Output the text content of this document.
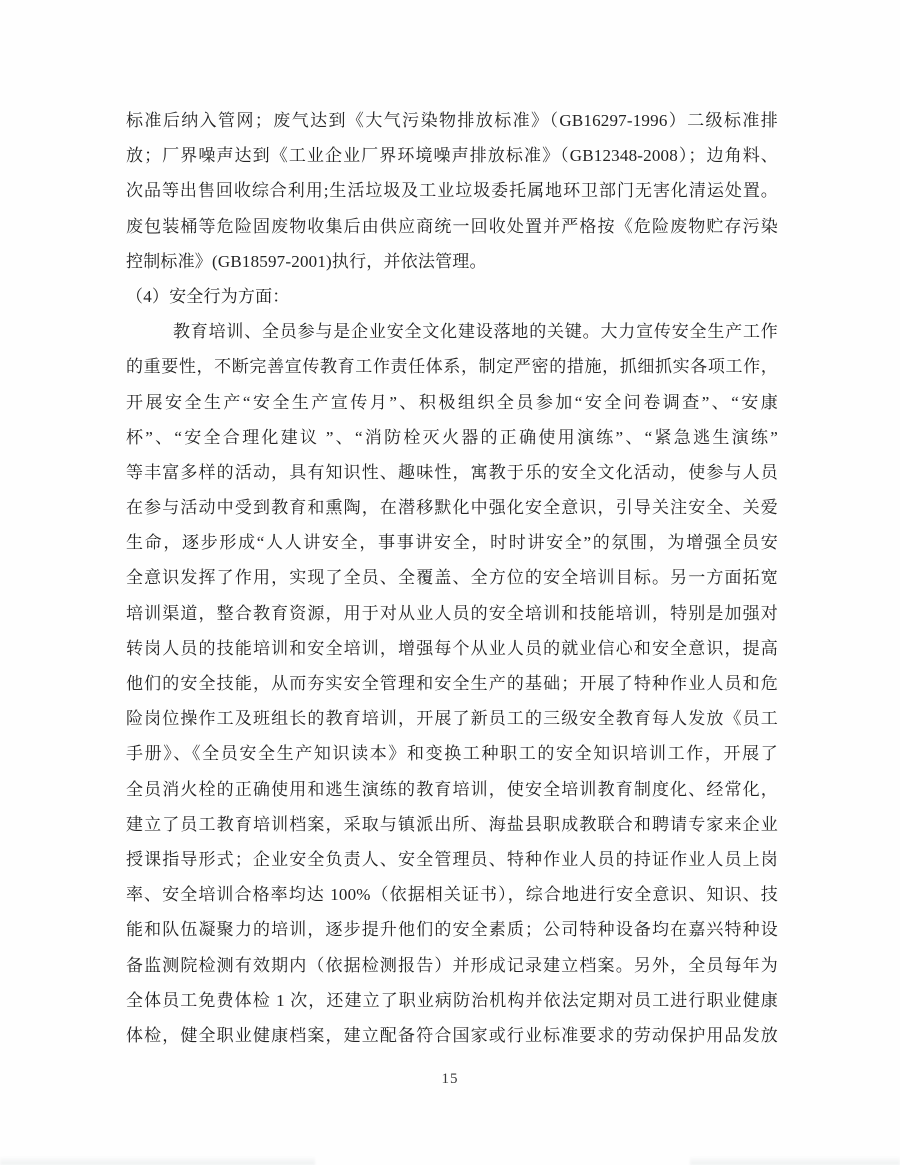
标准后纳入管网；废气达到《大气污染物排放标准》（GB16297-1996）二级标准排
放；厂界噪声达到《工业企业厂界环境噪声排放标准》（GB12348-2008）；边角料、
次品等出售回收综合利用;生活垃圾及工业垃圾委托属地环卫部门无害化清运处置。
废包装桶等危险固废物收集后由供应商统一回收处置并严格按《危险废物贮存污染
控制标准》(GB18597-2001)执行，并依法管理。
（4）安全行为方面：
教育培训、全员参与是企业安全文化建设落地的关键。大力宣传安全生产工作
的重要性，不断完善宣传教育工作责任体系，制定严密的措施，抓细抓实各项工作，
开展安全生产“安全生产宣传月”、积极组织全员参加“安全问卷调查”、“安康
杯”、“安全合理化建议 ”、“消防栓灭火器的正确使用演练”、“紧急逃生演练”
等丰富多样的活动，具有知识性、趣味性，寓教于乐的安全文化活动，使参与人员
在参与活动中受到教育和熏陶，在潜移默化中强化安全意识，引导关注安全、关爱
生命，逐步形成“人人讲安全，事事讲安全，时时讲安全”的氛围，为增强全员安
全意识发挥了作用，实现了全员、全覆盖、全方位的安全培训目标。另一方面拓宽
培训渠道，整合教育资源，用于对从业人员的安全培训和技能培训，特别是加强对
转岗人员的技能培训和安全培训，增强每个从业人员的就业信心和安全意识，提高
他们的安全技能，从而夯实安全管理和安全生产的基础；开展了特种作业人员和危
险岗位操作工及班组长的教育培训，开展了新员工的三级安全教育每人发放《员工
手册》、《全员安全生产知识读本》和变换工种职工的安全知识培训工作，开展了
全员消火栓的正确使用和逃生演练的教育培训，使安全培训教育制度化、经常化，
建立了员工教育培训档案，采取与镇派出所、海盐县职成教联合和聘请专家来企业
授课指导形式；企业安全负责人、安全管理员、特种作业人员的持证作业人员上岗
率、安全培训合格率均达 100%（依据相关证书），综合地进行安全意识、知识、技
能和队伍凝聚力的培训，逐步提升他们的安全素质；公司特种设备均在嘉兴特种设
备监测院检测有效期内（依据检测报告）并形成记录建立档案。另外，全员每年为
全体员工免费体检 1 次，还建立了职业病防治机构并依法定期对员工进行职业健康
体检，健全职业健康档案，建立配备符合国家或行业标准要求的劳动保护用品发放
15
